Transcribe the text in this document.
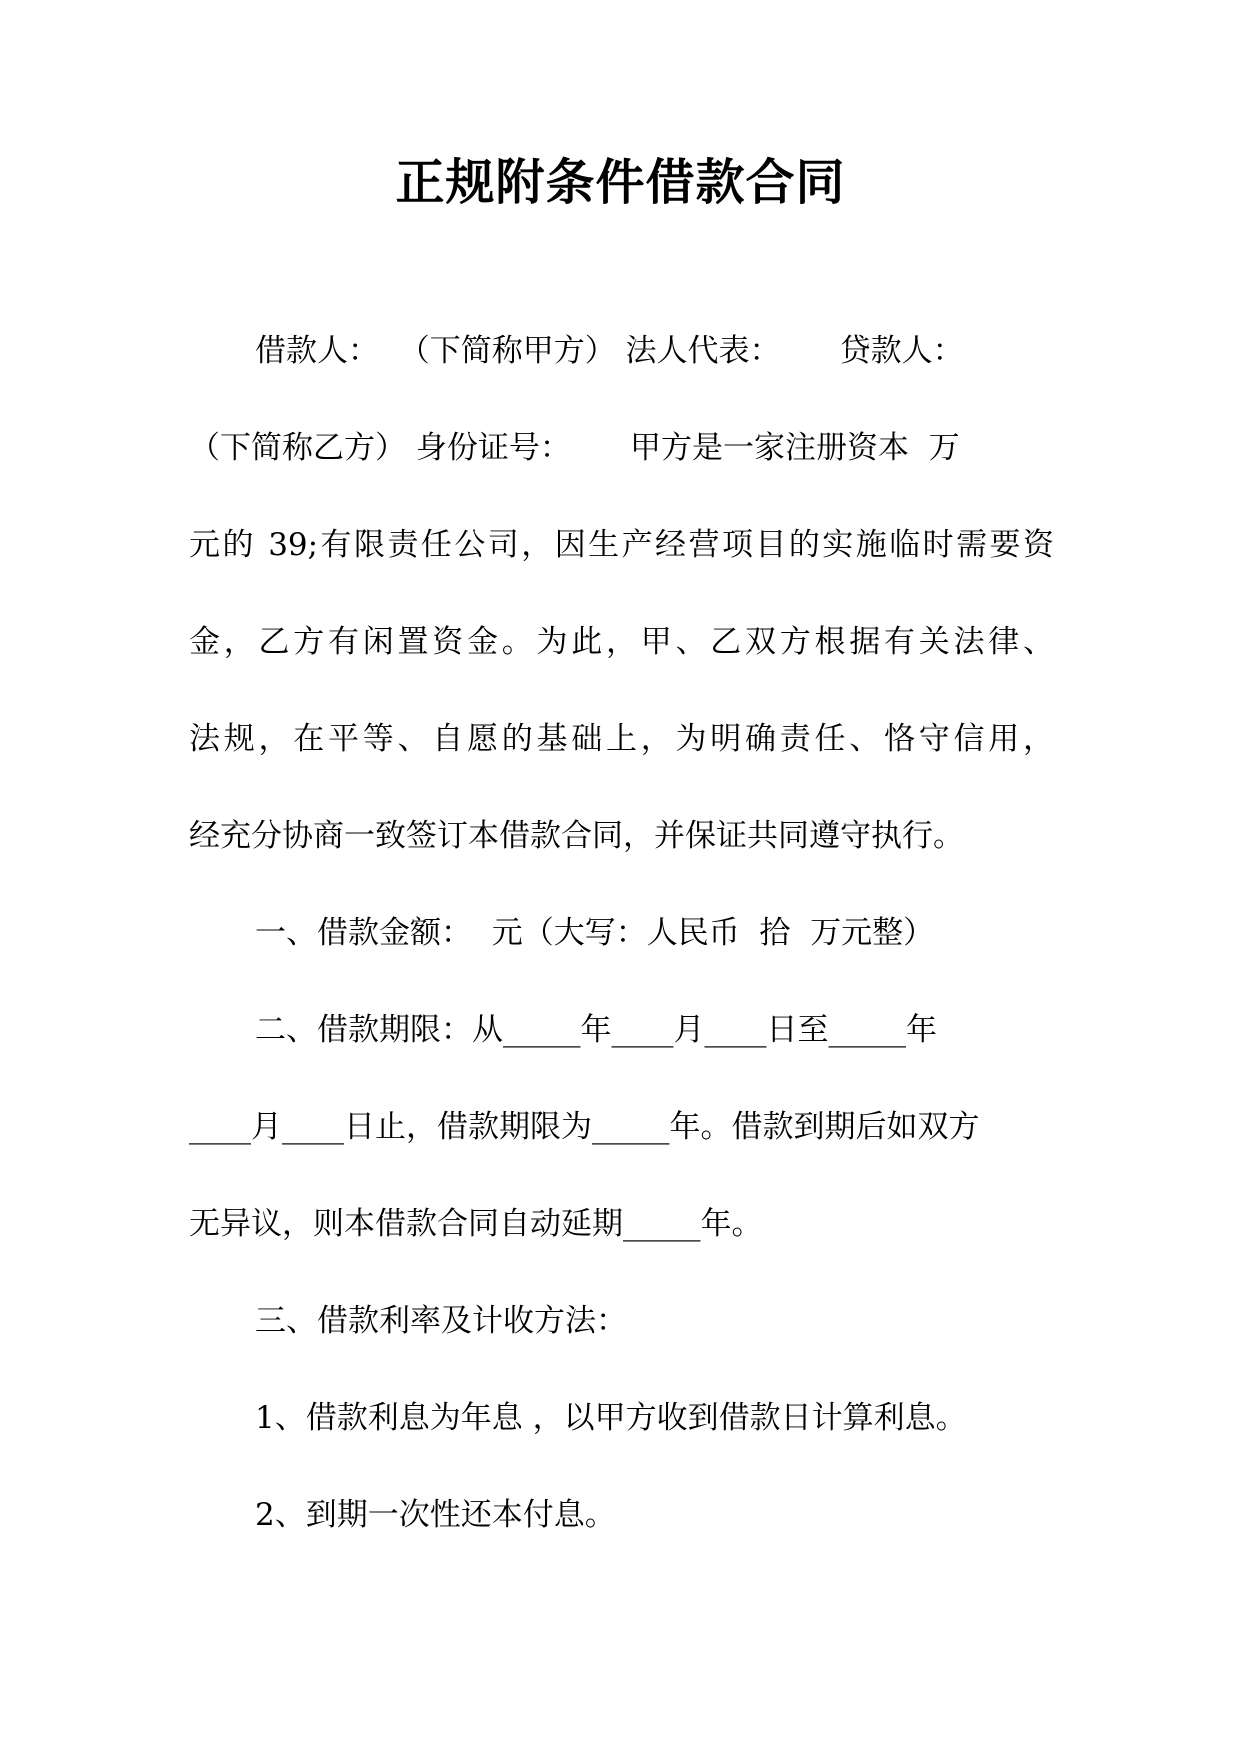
正规附条件借款合同
借款人：  （下简称甲方） 法人代表：      贷款人：
（下简称乙方） 身份证号：      甲方是一家注册资本  万
元的 39;有限责任公司，因生产经营项目的实施临时需要资
金，乙方有闲置资金。为此，甲、乙双方根据有关法律、
法规，在平等、自愿的基础上，为明确责任、恪守信用，
经充分协商一致签订本借款合同，并保证共同遵守执行。
一、借款金额：  元（大写：人民币  拾  万元整）
二、借款期限：从_____年____月____日至_____年
____月____日止，借款期限为_____年。借款到期后如双方
无异议，则本借款合同自动延期_____年。
三、借款利率及计收方法：
1、借款利息为年息 ，以甲方收到借款日计算利息。
2、到期一次性还本付息。
